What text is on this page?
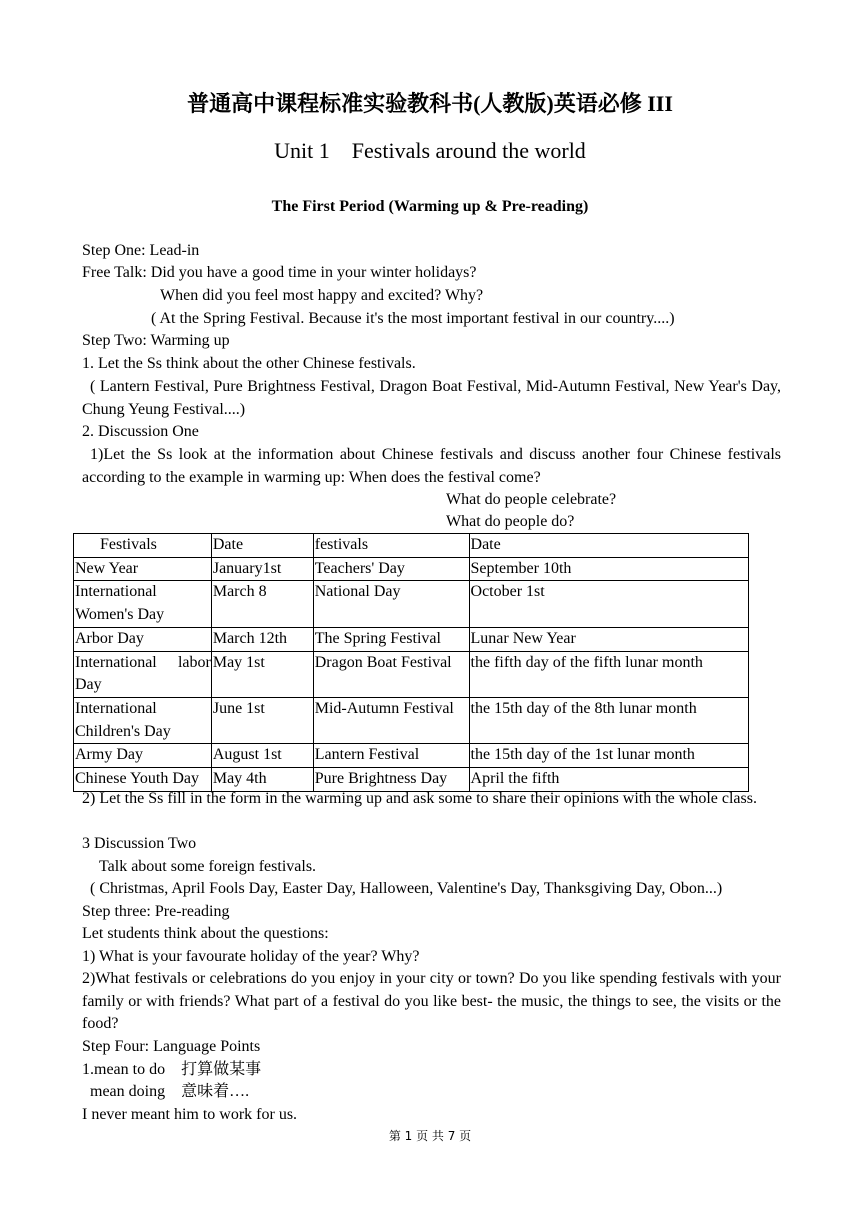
普通高中课程标准实验教科书(人教版)英语必修 III
Unit 1    Festivals around the world
The First Period (Warming up & Pre-reading)
Step One: Lead-in
Free Talk: Did you have a good time in your winter holidays?
When did you feel most happy and excited? Why?
( At the Spring Festival. Because it's the most important festival in our country....)
Step Two: Warming up
1. Let the Ss think about the other Chinese festivals.
( Lantern Festival, Pure Brightness Festival, Dragon Boat Festival, Mid-Autumn Festival, New Year's Day, Chung Yeung Festival....)
2. Discussion One
1)Let the Ss look at the information about Chinese festivals and discuss another four Chinese festivals according to the example in warming up: When does the festival come?
What do people celebrate?
What do people do?
Festivals	Date	festivals	Date
New Year	January1st	Teachers' Day	September 10th
International Women's Day	March 8	National Day	October 1st
Arbor Day	March 12th	The Spring Festival	Lunar New Year
International labor Day	May 1st	Dragon Boat Festival	the fifth day of the fifth lunar month
International Children's Day	June 1st	Mid-Autumn Festival	the 15th day of the 8th lunar month
Army Day	August 1st	Lantern Festival	the 15th day of the 1st lunar month
Chinese Youth Day	May 4th	Pure Brightness Day	April the fifth
2) Let the Ss fill in the form in the warming up and ask some to share their opinions with the whole class.
3 Discussion Two
Talk about some foreign festivals.
( Christmas, April Fools Day, Easter Day, Halloween, Valentine's Day, Thanksgiving Day, Obon...)
Step three: Pre-reading
Let students think about the questions:
1) What is your favourate holiday of the year? Why?
2)What festivals or celebrations do you enjoy in your city or town? Do you like spending festivals with your family or with friends? What part of a festival do you like best- the music, the things to see, the visits or the food?
Step Four: Language Points
1.mean to do    打算做某事
mean doing    意味着….
I never meant him to work for us.
第 1 页 共 7 页
